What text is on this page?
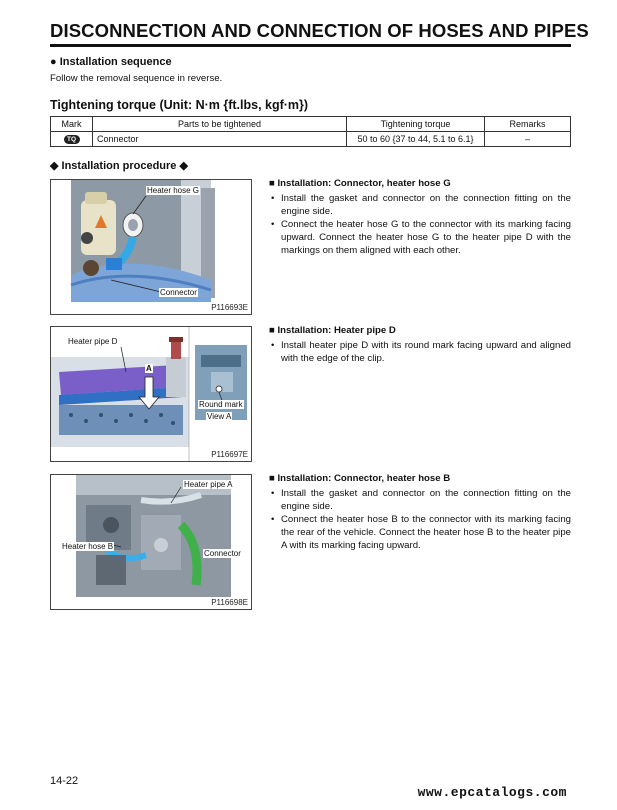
DISCONNECTION AND CONNECTION OF HOSES AND PIPES
● Installation sequence
Follow the removal sequence in reverse.
Tightening torque (Unit: N·m {ft.lbs, kgf·m})
Mark	Parts to be tightened	Tightening torque	Remarks
TQ	Connector	50 to 60 {37 to 44, 5.1 to 6.1}	–
◆ Installation procedure ◆
Heater hose G
Connector
P116693E
■ Installation: Connector, heater hose G
• Install the gasket and connector on the connection fitting on the engine side.
• Connect the heater hose G to the connector with its marking facing upward. Connect the heater hose G to the heater pipe D with the markings on them aligned with each other.
Heater pipe D
A
Round mark
View A
P116697E
■ Installation: Heater pipe D
• Install heater pipe D with its round mark facing upward and aligned with the edge of the clip.
Heater pipe A
Heater hose B
Connector
P116698E
■ Installation: Connector, heater hose B
• Install the gasket and connector on the connection fitting on the engine side.
• Connect the heater hose B to the connector with its marking facing the rear of the vehicle. Connect the heater hose B to the heater pipe A with its marking facing upward.
14-22
www.epcatalogs.com
